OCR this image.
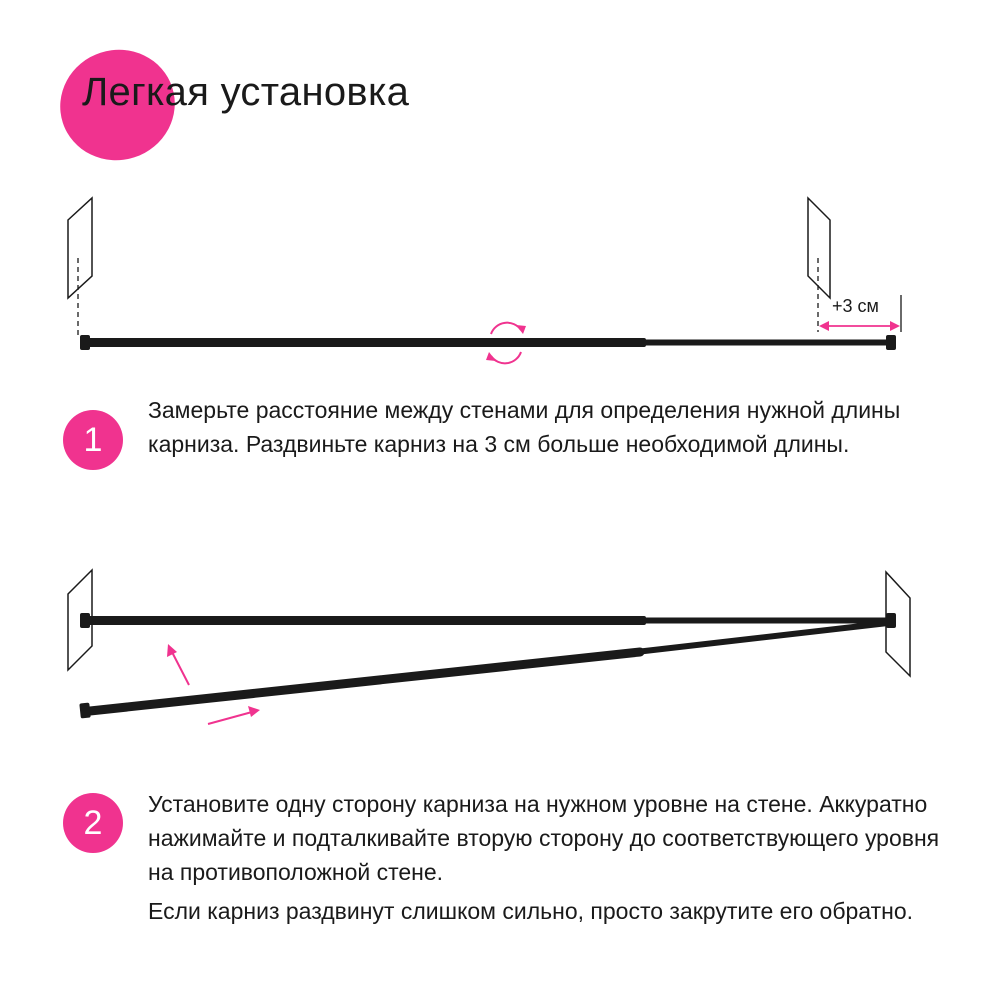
Легкая установка
+3 см
1

Замерьте расстояние между стенами для определения нужной длины карниза. Раздвиньте карниз на 3 см больше необходимой длины.

2	Установите одну сторону карниза на нужном уровне на стене. Аккуратно нажимайте и подталкивайте вторую сторону до соответствующего уровня на противоположной стене.

Если карниз раздвинут слишком сильно, просто закрутите его обратно.
